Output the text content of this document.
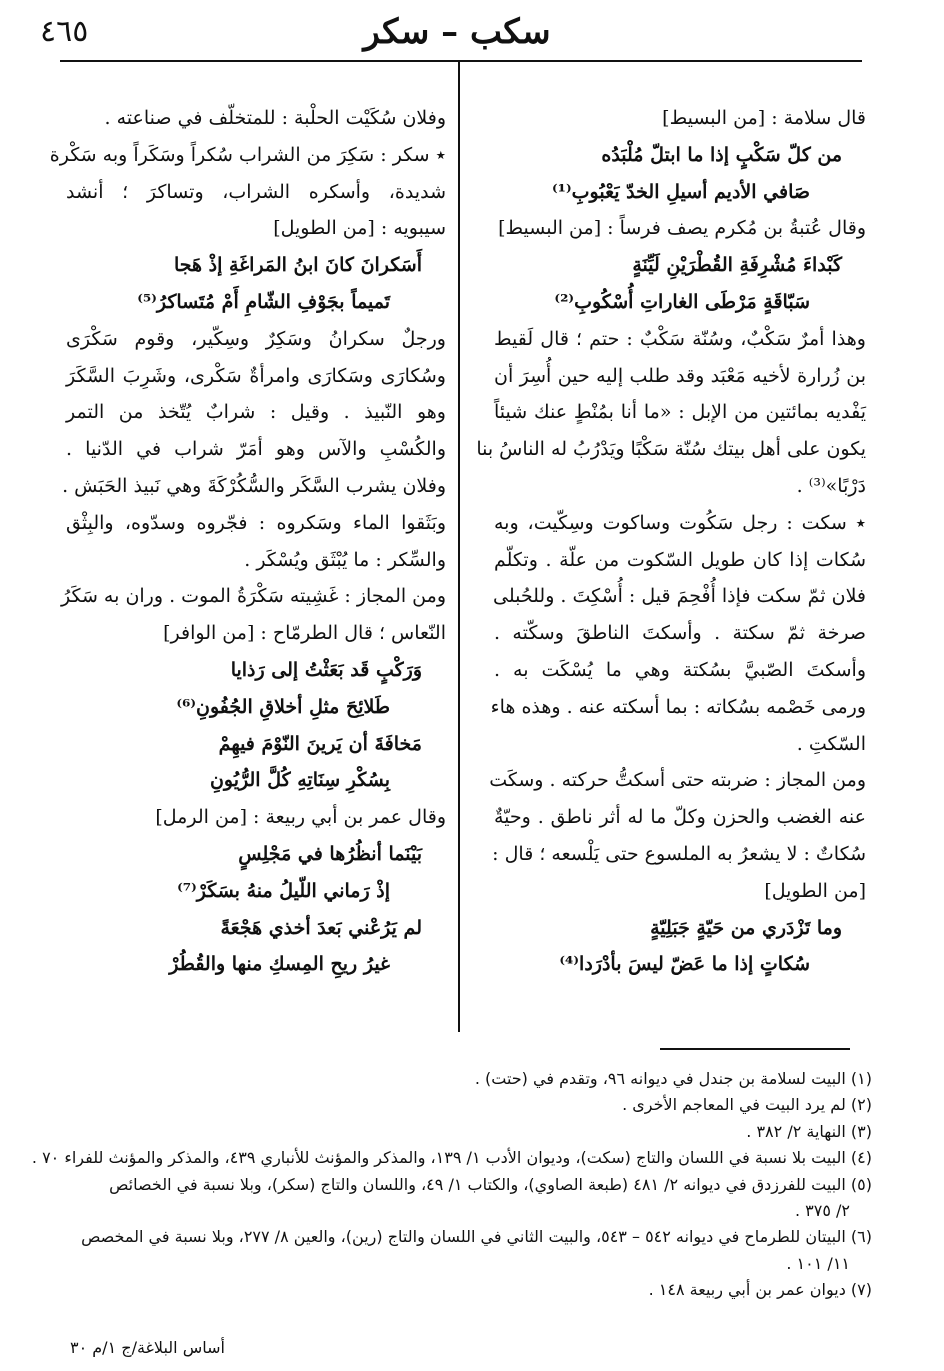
٤٦٥	سكب – سكر
قال سلامة : [من البسيط]
من كلّ سَكْبٍ إذا ما ابتلّ مُلْبَدُه
صَافي الأديم أسيلِ الخدّ يَعْبُوبِ⁽¹⁾
وقال عُتبةُ بن مُكرم يصف فرساً : [من البسيط]
كَبْداءَ مُشْرِفَةِ القُطْرَيْنِ لَيِّنَةٍ
سَبّاقَةٍ مَرْطَى الغاراتِ أُسْكُوبِ⁽²⁾
وهذا أمرٌ سَكْبٌ، وسُنّة سَكْبٌ : حتم ؛ قال لَقيط
بن زُرارة لأخيه مَعْبَد وقد طلب إليه حين أُسِرَ أن
يَفْديه بمائتين من الإبل : «ما أنا بمُنْطٍ عنك شيئاً
يكون على أهل بيتك سُنّة سَكْبًا ويَدْرُبُ له الناسُ بنا
دَرْبًا»⁽³⁾ .
٭ سكت : رجل سَكُوت وساكوت وسِكّيت، وبه
سُكات إذا كان طويل السّكوت من علّة . وتكلّم
فلان ثمّ سكت فإذا أُفْحِمَ قيل : أُسْكِتَ . وللحُبلى
صرخة ثمّ سكتة . وأسكتَ الناطقَ وسكّته .
وأسكتَ الصّبيَّ بسُكتة وهي ما يُسْكَت به .
ورمى خَصْمه بسُكاته : بما أسكته عنه . وهذه هاء
السّكتِ .
ومن المجاز : ضربته حتى أسكتُّ حركته . وسكَت
عنه الغضب والحزن وكلّ ما له أثر ناطق . وحيّةٌ
سُكاتٌ : لا يشعرُ به الملسوع حتى يَلْسعه ؛ قال :
[من الطويل]
وما تَزْدَري من حَيّةٍ جَبَلِيّةٍ
سُكاتٍ إذا ما عَضّ ليسَ بأدْرَدا⁽⁴⁾
وفلان سُكَيْت الحلْبة : للمتخلّف في صناعته .
٭ سكر : سَكِرَ من الشراب سُكراً وسَكَراً وبه سَكْرة
شديدة، وأسكره الشراب، وتساكرَ ؛ أنشد
سيبويه : [من الطويل]
أَسَكرانَ كانَ ابنُ المَراغَةِ إذْ هَجا
تَميماً بجَوْفِ الشّامِ أَمْ مُتَساكرُ⁽⁵⁾
ورجلٌ سكرانُ وسَكِرٌ وسِكّير، وقوم سَكْرَى
وسُكارَى وسَكارَى وامرأةٌ سَكْرى، وشَرِبَ السَّكَرَ
وهو النّبيذ . وقيل : شرابٌ يُتّخذ من التمر
والكُسْبِ والآس وهو أمَرّ شراب في الدّنيا .
وفلان يشرب السَّكَر والسُّكُرْكَةَ وهي نَبيذ الحَبَش .
وبَثَقوا الماء وسَكروه : فجّروه وسدّوه، والبِثْق
والسِّكر : ما يُبْثَق ويُسْكَر .
ومن المجاز : غَشِيته سَكْرَةُ الموت . وران به سَكَرُ
النّعاس ؛ قال الطرمّاح : [من الوافر]
وَرَكْبٍ قَد بَعَثْتُ إلى رَذايا
طَلائِحَ مثلِ أخلاقِ الجُفُونِ⁽⁶⁾
مَخافَةَ أن يَرينَ النّوْمَ فيهِمْ
بِسُكْرِ سِنَاتِهِ كُلَّ الرُّيُونِ
وقال عمر بن أبي ربيعة : [من الرمل]
بَيْنَما أنظُرُها في مَجْلِسٍ
إذْ رَماني اللّيلُ منهُ بسَكَرْ⁽⁷⁾
لم يَرُعْني بَعدَ أخذي هَجْعَةً
غيرُ ريحِ المِسكِ منها والقُطُرْ
(١) البيت لسلامة بن جندل في ديوانه ٩٦، وتقدم في (حتت) .
(٢) لم يرد البيت في المعاجم الأخرى .
(٣) النهاية ٢/ ٣٨٢ .
(٤) البيت بلا نسبة في اللسان والتاج (سكت)، وديوان الأدب ١/ ١٣٩، والمذكر والمؤنث للأنباري ٤٣٩، والمذكر والمؤنث للفراء ٧٠ .
(٥) البيت للفرزدق في ديوانه ٢/ ٤٨١ (طبعة الصاوي)، والكتاب ١/ ٤٩، واللسان والتاج (سكر)، وبلا نسبة في الخصائص
٢/ ٣٧٥ .
(٦) البيتان للطرماح في ديوانه ٥٤٢ – ٥٤٣، والبيت الثاني في اللسان والتاج (رين)، والعين ٨/ ٢٧٧، وبلا نسبة في المخصص
١١/ ١٠١ .
(٧) ديوان عمر بن أبي ربيعة ١٤٨ .
أساس البلاغة/ج ١/م ٣٠
